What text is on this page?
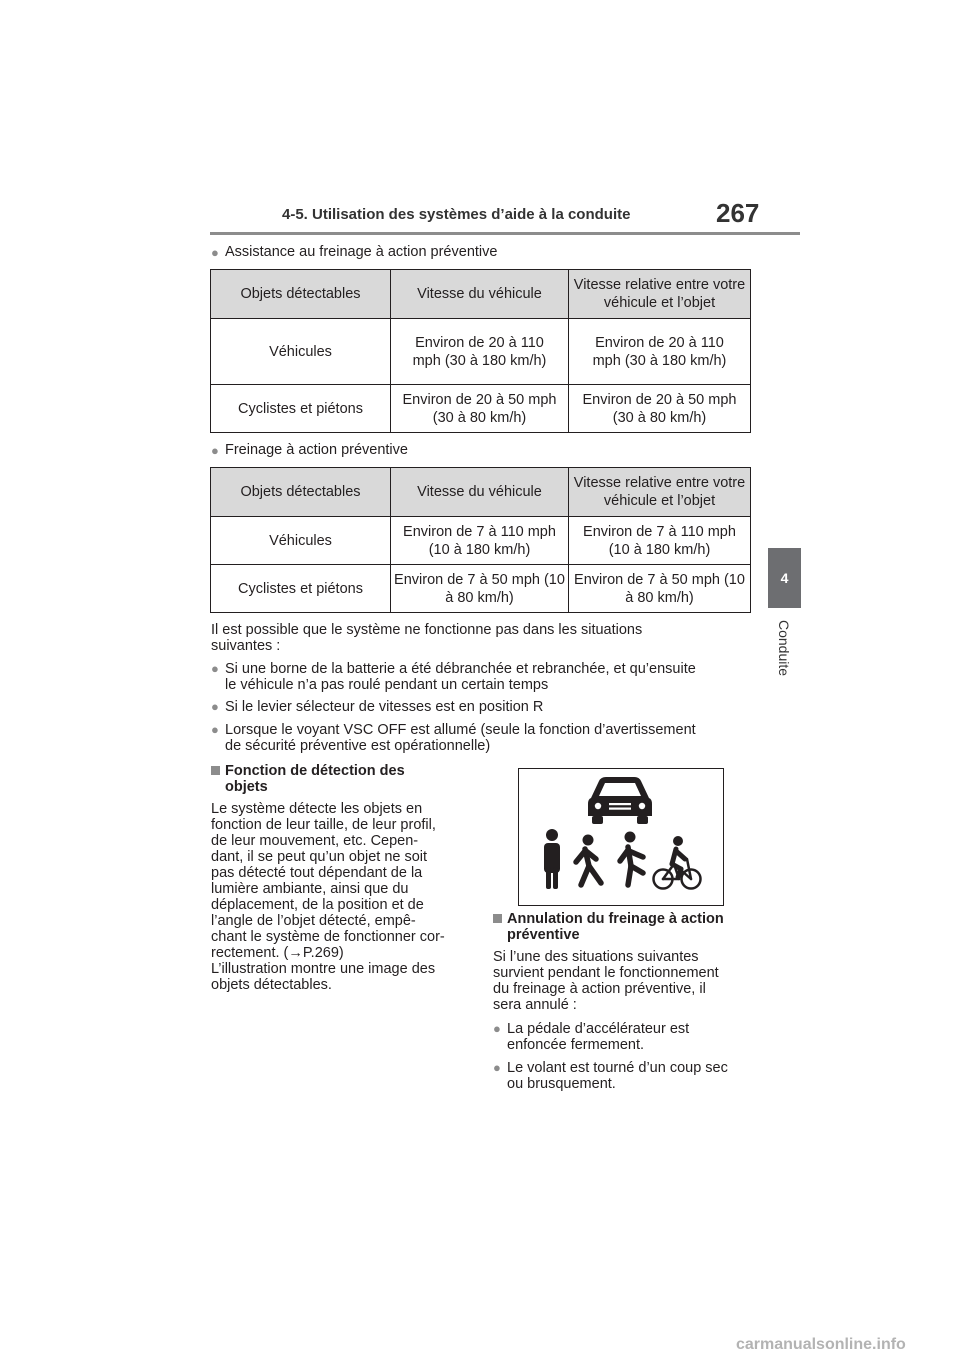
4-5. Utilisation des systèmes d’aide à la conduite	267
4
Conduite
● Assistance au freinage à action préventive
Objets détectables	Vitesse du véhicule	Vitesse relative entre votre véhicule et l’objet
Véhicules	Environ de 20 à 110 mph (30 à 180 km/h)	Environ de 20 à 110 mph (30 à 180 km/h)
Cyclistes et piétons	Environ de 20 à 50 mph (30 à 80 km/h)	Environ de 20 à 50 mph (30 à 80 km/h)
● Freinage à action préventive
Objets détectables	Vitesse du véhicule	Vitesse relative entre votre véhicule et l’objet
Véhicules	Environ de 7 à 110 mph (10 à 180 km/h)	Environ de 7 à 110 mph (10 à 180 km/h)
Cyclistes et piétons	Environ de 7 à 50 mph (10 à 80 km/h)	Environ de 7 à 50 mph (10 à 80 km/h)
Il est possible que le système ne fonctionne pas dans les situations
suivantes :
● Si une borne de la batterie a été débranchée et rebranchée, et qu’ensuite
le véhicule n’a pas roulé pendant un certain temps
● Si le levier sélecteur de vitesses est en position R
● Lorsque le voyant VSC OFF est allumé (seule la fonction d’avertissement
de sécurité préventive est opérationnelle)
Fonction de détection des
objets
Le système détecte les objets en
fonction de leur taille, de leur profil,
de leur mouvement, etc. Cepen-
dant, il se peut qu’un objet ne soit
pas détecté tout dépendant de la
lumière ambiante, ainsi que du
déplacement, de la position et de
l’angle de l’objet détecté, empê-
chant le système de fonctionner cor-
rectement. (→P.269)
L’illustration montre une image des
objets détectables.
Annulation du freinage à action
préventive
Si l’une des situations suivantes
survient pendant le fonctionnement
du freinage à action préventive, il
sera annulé :
● La pédale d’accélérateur est
enfoncée fermement.
● Le volant est tourné d’un coup sec
ou brusquement.
carmanualsonline.info
